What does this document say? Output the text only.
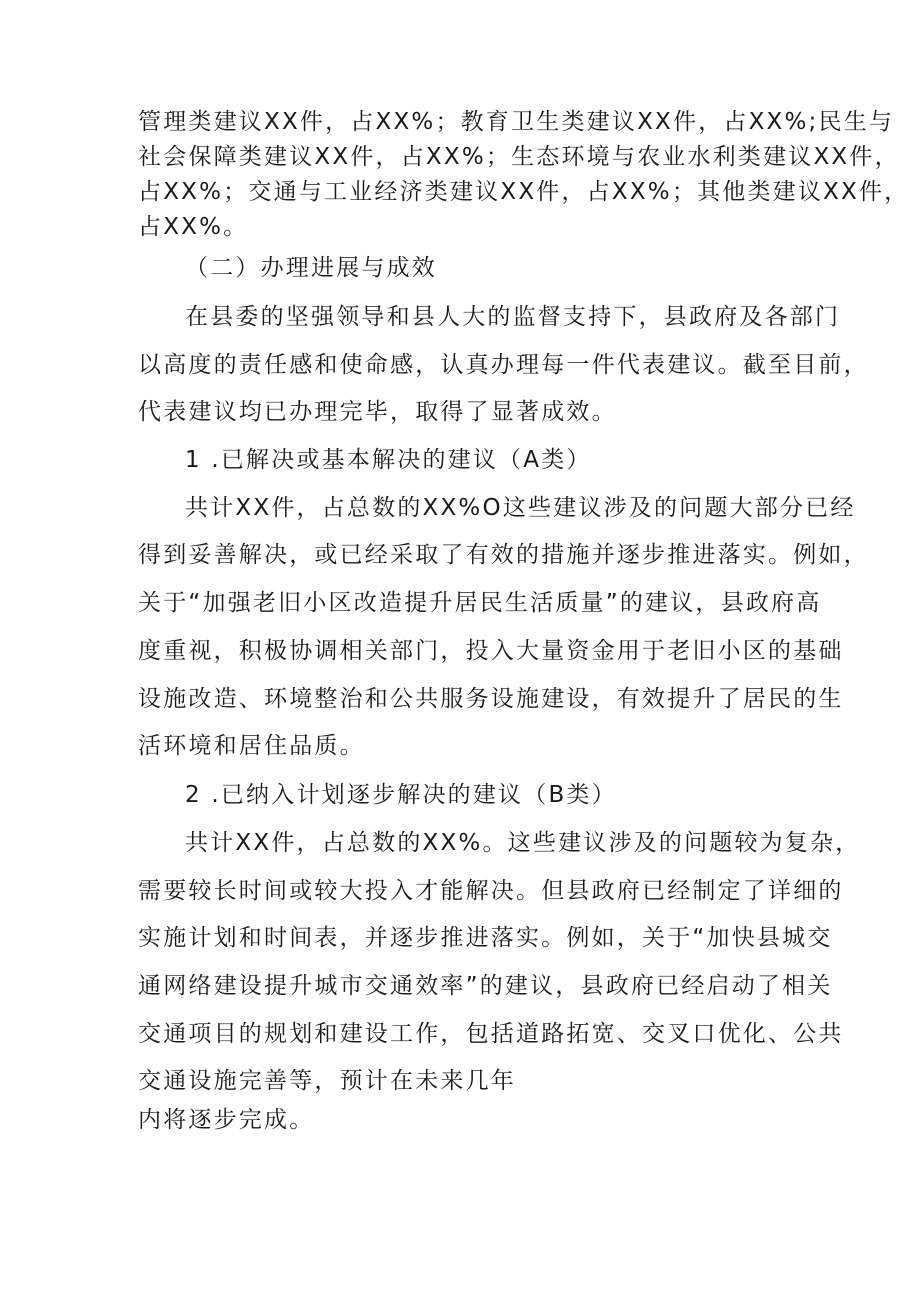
管理类建议XX件，占XX%；教育卫生类建议XX件，占XX%;民生与
社会保障类建议XX件，占XX%；生态环境与农业水利类建议XX件，
占XX%；交通与工业经济类建议XX件，占XX%；其他类建议XX件，
占XX%。
（二）办理进展与成效
在县委的坚强领导和县人大的监督支持下，县政府及各部门
以高度的责任感和使命感，认真办理每一件代表建议。截至目前，
代表建议均已办理完毕，取得了显著成效。
1 .已解决或基本解决的建议（A类）
共计XX件，占总数的XX%O这些建议涉及的问题大部分已经
得到妥善解决，或已经采取了有效的措施并逐步推进落实。例如，
关于“加强老旧小区改造提升居民生活质量”的建议，县政府高
度重视，积极协调相关部门，投入大量资金用于老旧小区的基础
设施改造、环境整治和公共服务设施建设，有效提升了居民的生
活环境和居住品质。
2 .已纳入计划逐步解决的建议（B类）
共计XX件，占总数的XX%。这些建议涉及的问题较为复杂，
需要较长时间或较大投入才能解决。但县政府已经制定了详细的
实施计划和时间表，并逐步推进落实。例如，关于“加快县城交
通网络建设提升城市交通效率”的建议，县政府已经启动了相关
交通项目的规划和建设工作，包括道路拓宽、交叉口优化、公共
交通设施完善等，预计在未来几年
内将逐步完成。
